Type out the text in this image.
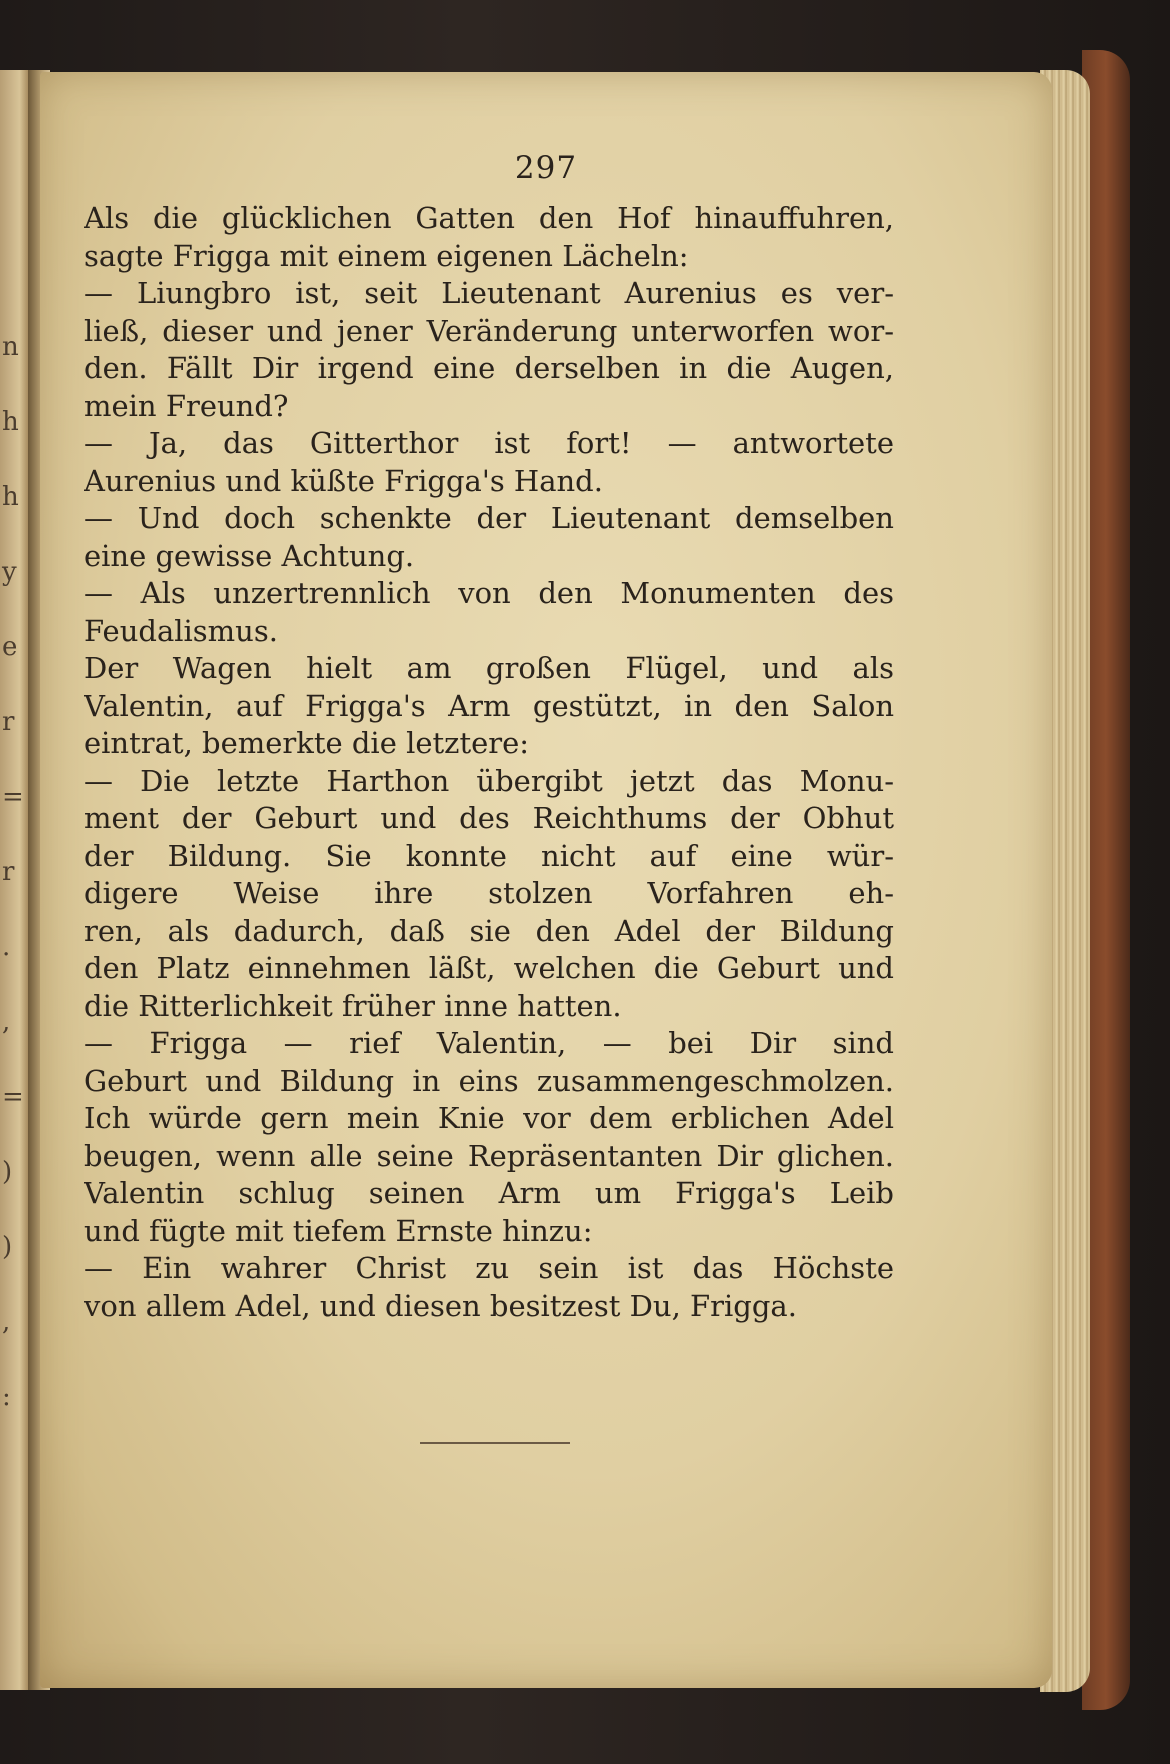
n
h
h
y
e
r
=
r
.
,
=
)
)
,
:
297
Als die glücklichen Gatten den Hof hinauffuhren,
sagte Frigga mit einem eigenen Lächeln:
— Liungbro ist, seit Lieutenant Aurenius es ver-
ließ, dieser und jener Veränderung unterworfen wor-
den. Fällt Dir irgend eine derselben in die Augen,
mein Freund?
— Ja, das Gitterthor ist fort! — antwortete
Aurenius und küßte Frigga's Hand.
— Und doch schenkte der Lieutenant demselben
eine gewisse Achtung.
— Als unzertrennlich von den Monumenten des
Feudalismus.
Der Wagen hielt am großen Flügel, und als
Valentin, auf Frigga's Arm gestützt, in den Salon
eintrat, bemerkte die letztere:
— Die letzte Harthon übergibt jetzt das Monu-
ment der Geburt und des Reichthums der Obhut
der Bildung. Sie konnte nicht auf eine wür-
digere Weise ihre stolzen Vorfahren eh-
ren, als dadurch, daß sie den Adel der Bildung
den Platz einnehmen läßt, welchen die Geburt und
die Ritterlichkeit früher inne hatten.
— Frigga — rief Valentin, — bei Dir sind
Geburt und Bildung in eins zusammengeschmolzen.
Ich würde gern mein Knie vor dem erblichen Adel
beugen, wenn alle seine Repräsentanten Dir glichen.
Valentin schlug seinen Arm um Frigga's Leib
und fügte mit tiefem Ernste hinzu:
— Ein wahrer Christ zu sein ist das Höchste
von allem Adel, und diesen besitzest Du, Frigga.
